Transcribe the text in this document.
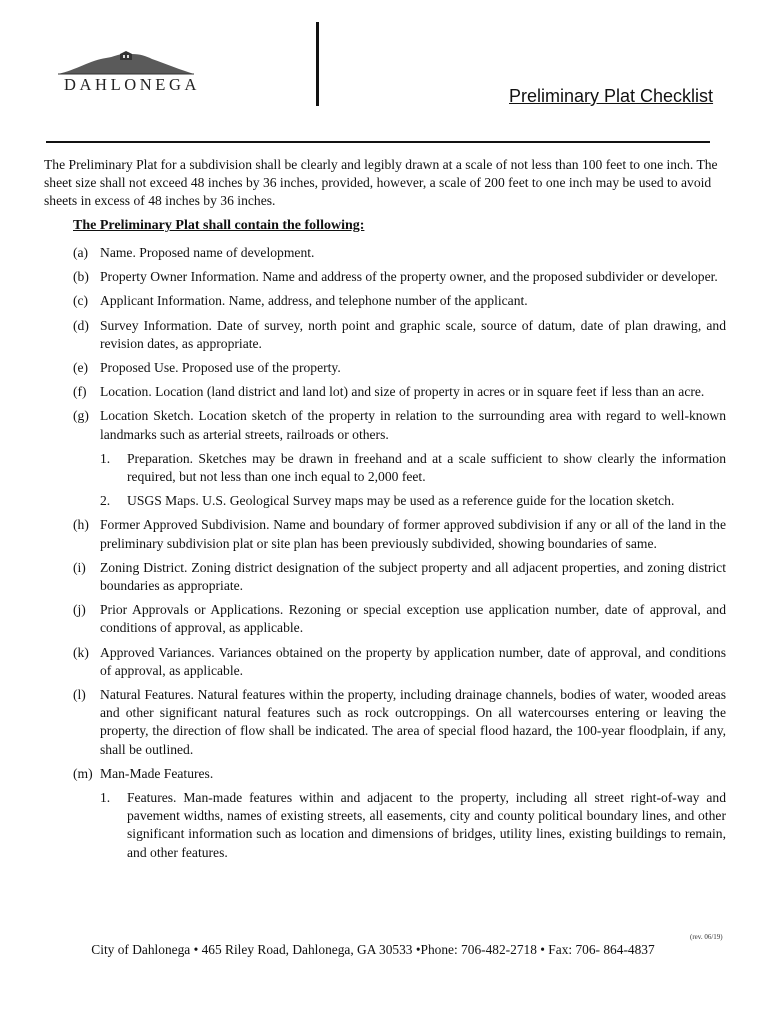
DAHLONEGA
Preliminary Plat Checklist
The Preliminary Plat for a subdivision shall be clearly and legibly drawn at a scale of not less than 100 feet to one inch. The sheet size shall not exceed 48 inches by 36 inches, provided, however, a scale of 200 feet to one inch may be used to avoid sheets in excess of 48 inches by 36 inches.
The Preliminary Plat shall contain the following:
(a) Name. Proposed name of development.
(b) Property Owner Information. Name and address of the property owner, and the proposed subdivider or developer.
(c) Applicant Information. Name, address, and telephone number of the applicant.
(d) Survey Information. Date of survey, north point and graphic scale, source of datum, date of plan drawing, and revision dates, as appropriate.
(e) Proposed Use. Proposed use of the property.
(f) Location. Location (land district and land lot) and size of property in acres or in square feet if less than an acre.
(g) Location Sketch. Location sketch of the property in relation to the surrounding area with regard to well-known landmarks such as arterial streets, railroads or others.
1.	Preparation. Sketches may be drawn in freehand and at a scale sufficient to show clearly the information required, but not less than one inch equal to 2,000 feet.
2.	USGS Maps. U.S. Geological Survey maps may be used as a reference guide for the location sketch.
(h) Former Approved Subdivision. Name and boundary of former approved subdivision if any or all of the land in the preliminary subdivision plat or site plan has been previously subdivided, showing boundaries of same.
(i)	Zoning District. Zoning district designation of the subject property and all adjacent properties, and zoning district boundaries as appropriate.
(j)	Prior Approvals or Applications. Rezoning or special exception use application number, date of approval, and conditions of approval, as applicable.
(k) Approved Variances. Variances obtained on the property by application number, date of approval, and conditions of approval, as applicable.
(l)	Natural Features. Natural features within the property, including drainage channels, bodies of water, wooded areas and other significant natural features such as rock outcroppings. On all watercourses entering or leaving the property, the direction of flow shall be indicated. The area of special flood hazard, the 100-year floodplain, if any, shall be outlined.
(m) Man-Made Features.
1.	Features. Man-made features within and adjacent to the property, including all street right-of-way and pavement widths, names of existing streets, all easements, city and county political boundary lines, and other significant information such as location and dimensions of bridges, utility lines, existing buildings to remain, and other features.
(rev. 06/19)
City of Dahlonega • 465 Riley Road, Dahlonega, GA 30533 •Phone: 706-482-2718 • Fax: 706- 864-4837
